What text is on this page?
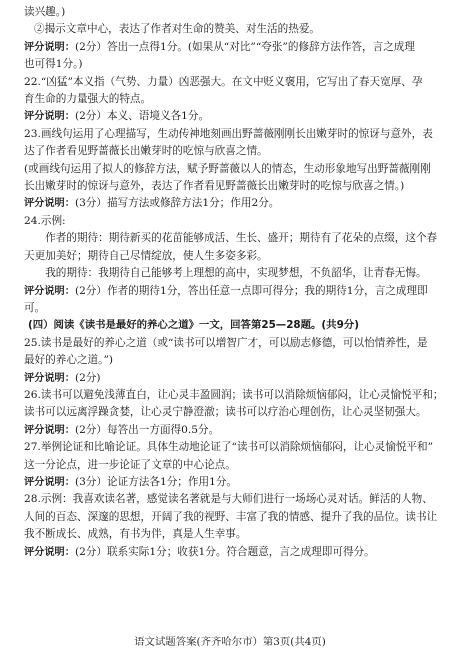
读兴趣。)

②揭示文章中心，表达了作者对生命的赞美、对生活的热爱。

评分说明：(2分）答出一点得1分。(如果从“对比”“夸张”的修辞方法作答，言之成理

也可得1分。)

22.“凶猛”本义指（气势、力量）凶恶强大。在文中贬义褒用，它写出了春天宽厚、孕

育生命的力量强大的特点。

评分说明：(2分）本义、语境义各1分。

23.画线句运用了心理描写，生动传神地刻画出野蔷薇刚刚长出嫩芽时的惊讶与意外，表

达了作者看见野蔷薇长出嫩芽时的吃惊与欣喜之情。

(或画线句运用了拟人的修辞方法，赋予野蔷薇以人的情态，生动形象地写出野蔷薇刚刚

长出嫩芽时的惊讶与意外，表达了作者看见野蔷薇长出嫩芽时的吃惊与欣喜之情。)

评分说明：(3分）描写方法或修辞方法1分；作用2分。

24.示例:

作者的期待：期待新买的花苗能够成活、生长、盛开；期待有了花朵的点缀，这个春

天更加美好；期待自己尽情绽放，使人生多姿多彩。

我的期待：我期待自己能够考上理想的高中，实现梦想，不负韶华，让青春无悔。

评分说明：(2分）作者的期待1分，答出任意一点即可得分；我的期待1分，言之成理即

可。

(四）阅读《读书是最好的养心之道》一文，回答第25—28题。(共9分)

25.读书是最好的养心之道（或“读书可以增智广才，可以励志修德，可以怡情养性，是

最好的养心之道。”)

评分说明：(2分)

26.读书可以避免浅薄直白，让心灵丰盈圆润；读书可以消除烦恼郁闷，让心灵愉悦平和；

读书可以远离浮躁贪婪，让心灵宁静澄澈；读书可以疗治心理创伤，让心灵坚韧强大。

评分说明：(2分）每答出一方面得0.5分。

27.举例论证和比喻论证。具体生动地论证了“读书可以消除烦恼郁闷，让心灵愉悦平和”

这一分论点，进一步论证了文章的中心论点。

评分说明：(3分）论证方法各1分；作用1分。

28.示例：我喜欢读名著，感觉读名著就是与大师们进行一场场心灵对话。鲜活的人物、

人间的百态、深邃的思想，开阔了我的视野、丰富了我的情感、提升了我的品位。读书让

我不断成长、成熟，有书为伴，真是人生幸事。

评分说明：(2分）联系实际1分；收获1分。符合题意，言之成理即可得分。

语文试题答案(齐齐哈尔市）第3页(共4页)
